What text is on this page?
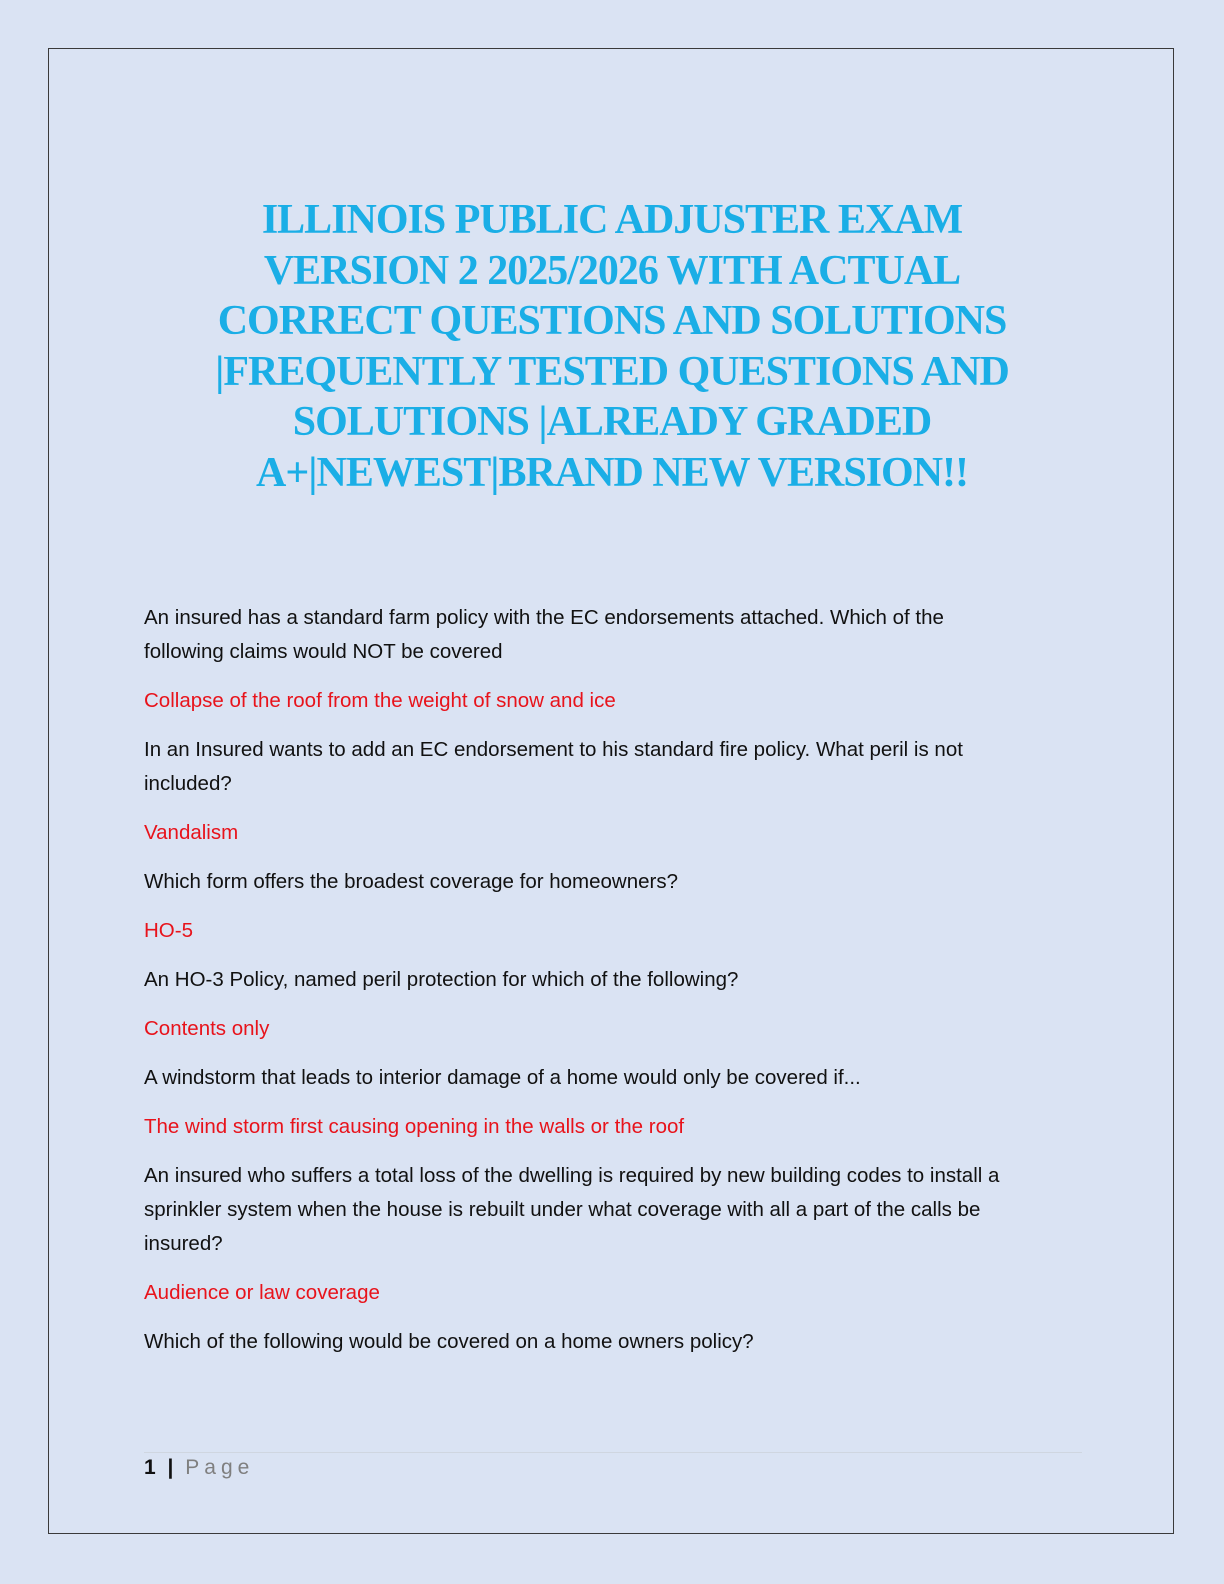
ILLINOIS PUBLIC ADJUSTER EXAM
VERSION 2 2025/2026 WITH ACTUAL
CORRECT QUESTIONS AND SOLUTIONS
|FREQUENTLY TESTED QUESTIONS AND
SOLUTIONS |ALREADY GRADED
A+|NEWEST|BRAND NEW VERSION!!

An insured has a standard farm policy with the EC endorsements attached. Which of the
following claims would NOT be covered

Collapse of the roof from the weight of snow and ice

In an Insured wants to add an EC endorsement to his standard fire policy. What peril is not
included?

Vandalism

Which form offers the broadest coverage for homeowners?

HO-5

An HO-3 Policy, named peril protection for which of the following?

Contents only

A windstorm that leads to interior damage of a home would only be covered if...

The wind storm first causing opening in the walls or the roof

An insured who suffers a total loss of the dwelling is required by new building codes to install a
sprinkler system when the house is rebuilt under what coverage with all a part of the calls be
insured?

Audience or law coverage

Which of the following would be covered on a home owners policy?

1 | Page
